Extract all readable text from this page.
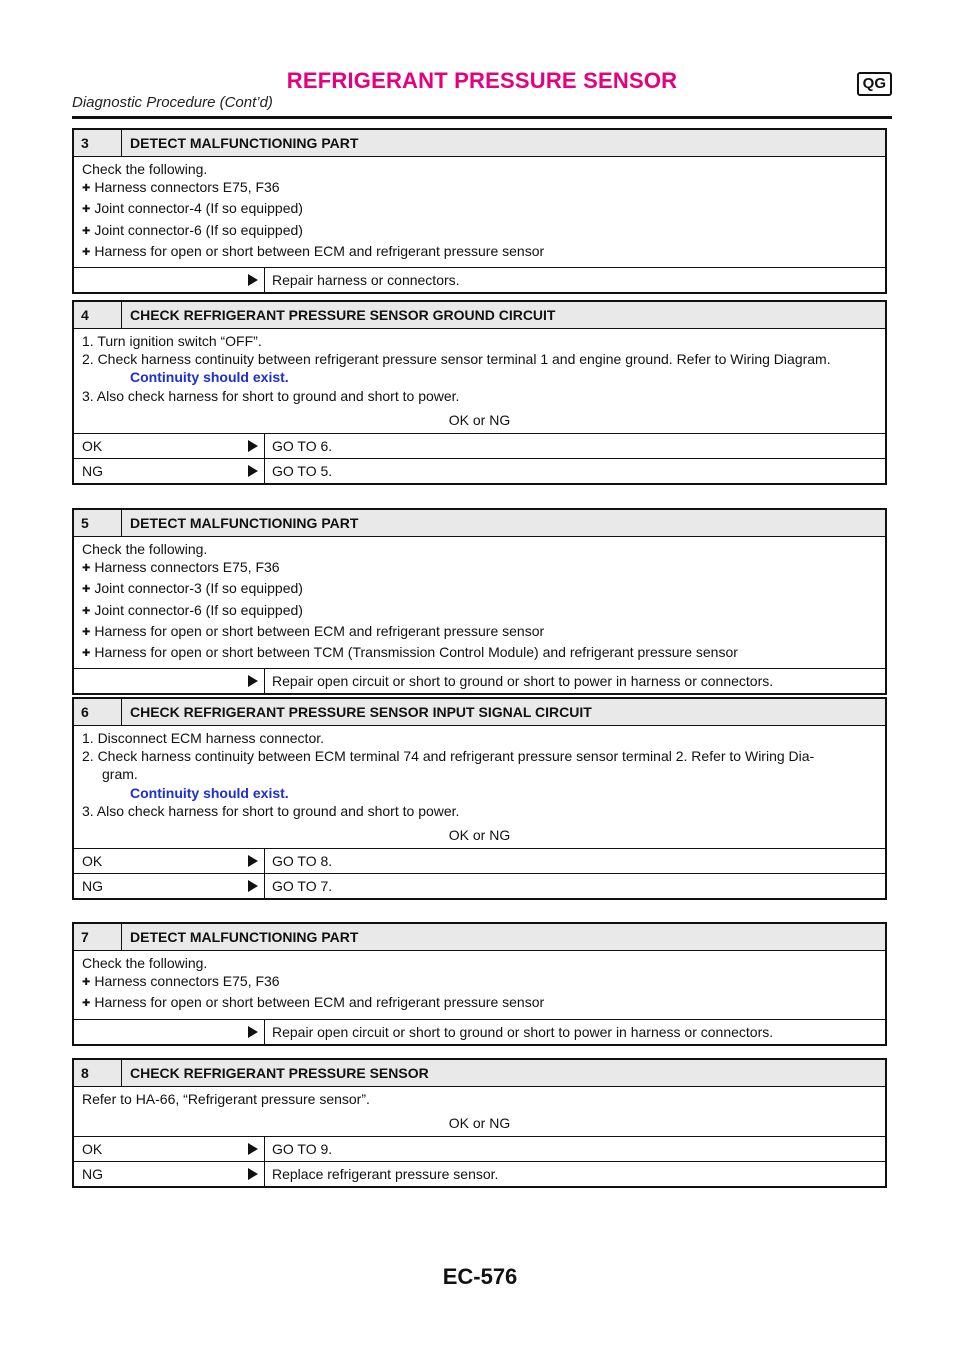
REFRIGERANT PRESSURE SENSOR	QG
Diagnostic Procedure (Cont’d)
3	DETECT MALFUNCTIONING PART
Check the following.
✚ Harness connectors E75, F36
✚ Joint connector-4 (If so equipped)
✚ Joint connector-6 (If so equipped)
✚ Harness for open or short between ECM and refrigerant pressure sensor
Repair harness or connectors.
4	CHECK REFRIGERANT PRESSURE SENSOR GROUND CIRCUIT
1. Turn ignition switch “OFF”.
2. Check harness continuity between refrigerant pressure sensor terminal 1 and engine ground. Refer to Wiring Diagram.
Continuity should exist.
3. Also check harness for short to ground and short to power.
OK or NG
OK	GO TO 6.
NG	GO TO 5.
5	DETECT MALFUNCTIONING PART
Check the following.
✚ Harness connectors E75, F36
✚ Joint connector-3 (If so equipped)
✚ Joint connector-6 (If so equipped)
✚ Harness for open or short between ECM and refrigerant pressure sensor
✚ Harness for open or short between TCM (Transmission Control Module) and refrigerant pressure sensor
Repair open circuit or short to ground or short to power in harness or connectors.
6	CHECK REFRIGERANT PRESSURE SENSOR INPUT SIGNAL CIRCUIT
1. Disconnect ECM harness connector.
2. Check harness continuity between ECM terminal 74 and refrigerant pressure sensor terminal 2. Refer to Wiring Dia-
gram.
Continuity should exist.
3. Also check harness for short to ground and short to power.
OK or NG
OK	GO TO 8.
NG	GO TO 7.
7	DETECT MALFUNCTIONING PART
Check the following.
✚ Harness connectors E75, F36
✚ Harness for open or short between ECM and refrigerant pressure sensor
Repair open circuit or short to ground or short to power in harness or connectors.
8	CHECK REFRIGERANT PRESSURE SENSOR
Refer to HA-66, “Refrigerant pressure sensor”.
OK or NG
OK	GO TO 9.
NG	Replace refrigerant pressure sensor.
EC-576
